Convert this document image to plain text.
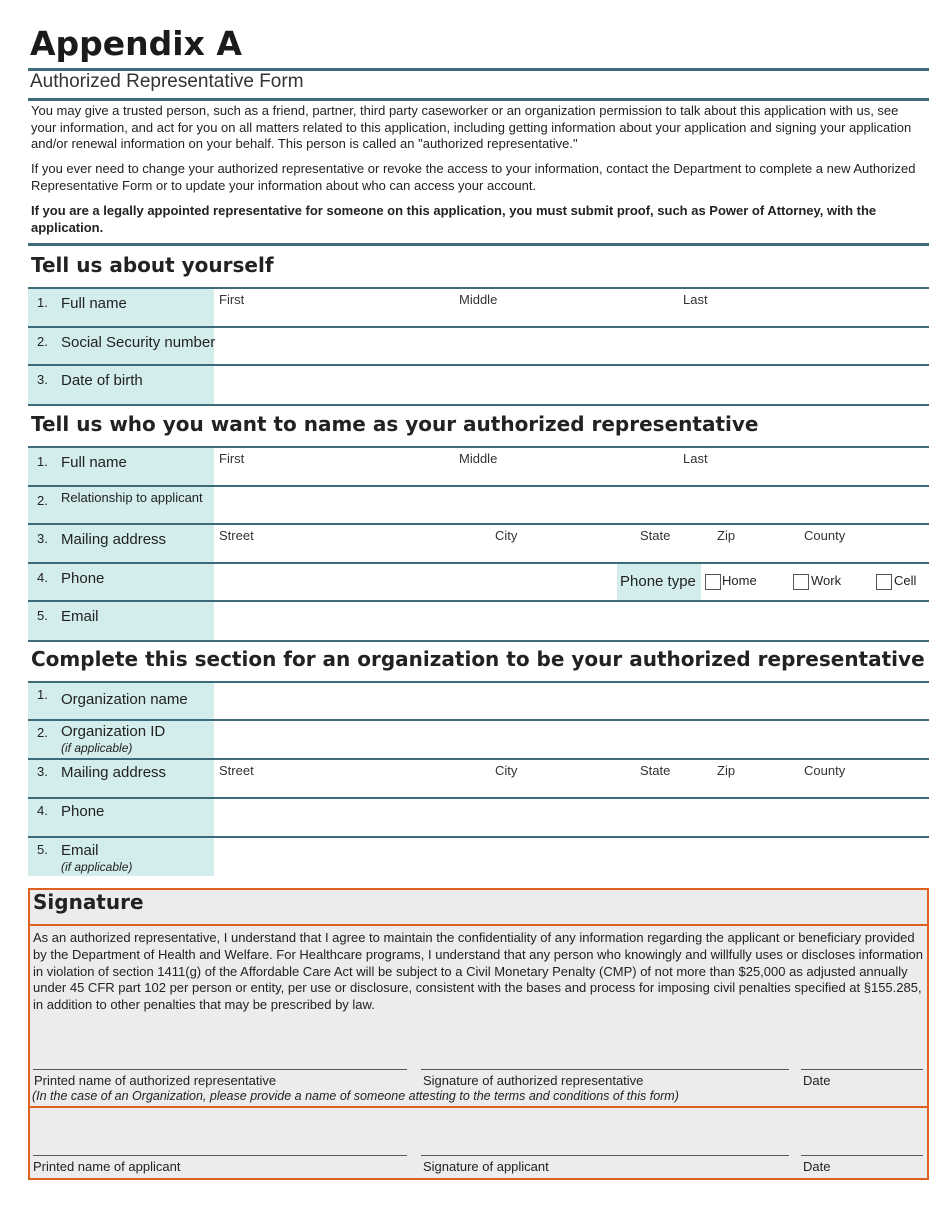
Appendix A
Authorized Representative Form
You may give a trusted person, such as a friend, partner, third party caseworker or an organization permission to talk about this application with us, see your information, and act for you on all matters related to this application, including getting information about your application and signing your application and/or renewal information on your behalf. This person is called an "authorized representative."
If you ever need to change your authorized representative or revoke the access to your information, contact the Department to complete a new Authorized Representative Form or to update your information about who can access your account.
If you are a legally appointed representative for someone on this application, you must submit proof, such as Power of Attorney, with the application.
Tell us about yourself
1. Full name	First	Middle	Last
2. Social Security number
3. Date of birth
Tell us who you want to name as your authorized representative
1. Full name	First	Middle	Last
2. Relationship to applicant
3. Mailing address	Street	City	State	Zip	County
4. Phone	Phone type	Home	Work	Cell
5. Email
Complete this section for an organization to be your authorized representative
1. Organization name
2. Organization ID
(if applicable)
3. Mailing address	Street	City	State	Zip	County
4. Phone
5. Email
(if applicable)
Signature
As an authorized representative, I understand that I agree to maintain the confidentiality of any information regarding the applicant or beneficiary provided by the Department of Health and Welfare. For Healthcare programs, I understand that any person who knowingly and willfully uses or discloses information in violation of section 1411(g) of the Affordable Care Act will be subject to a Civil Monetary Penalty (CMP) of not more than $25,000 as adjusted annually under 45 CFR part 102 per person or entity, per use or disclosure, consistent with the bases and process for imposing civil penalties specified at §155.285, in addition to other penalties that may be prescribed by law.
Printed name of authorized representative	Signature of authorized representative	Date
(In the case of an Organization, please provide a name of someone attesting to the terms and conditions of this form)
Printed name of applicant	Signature of applicant	Date
